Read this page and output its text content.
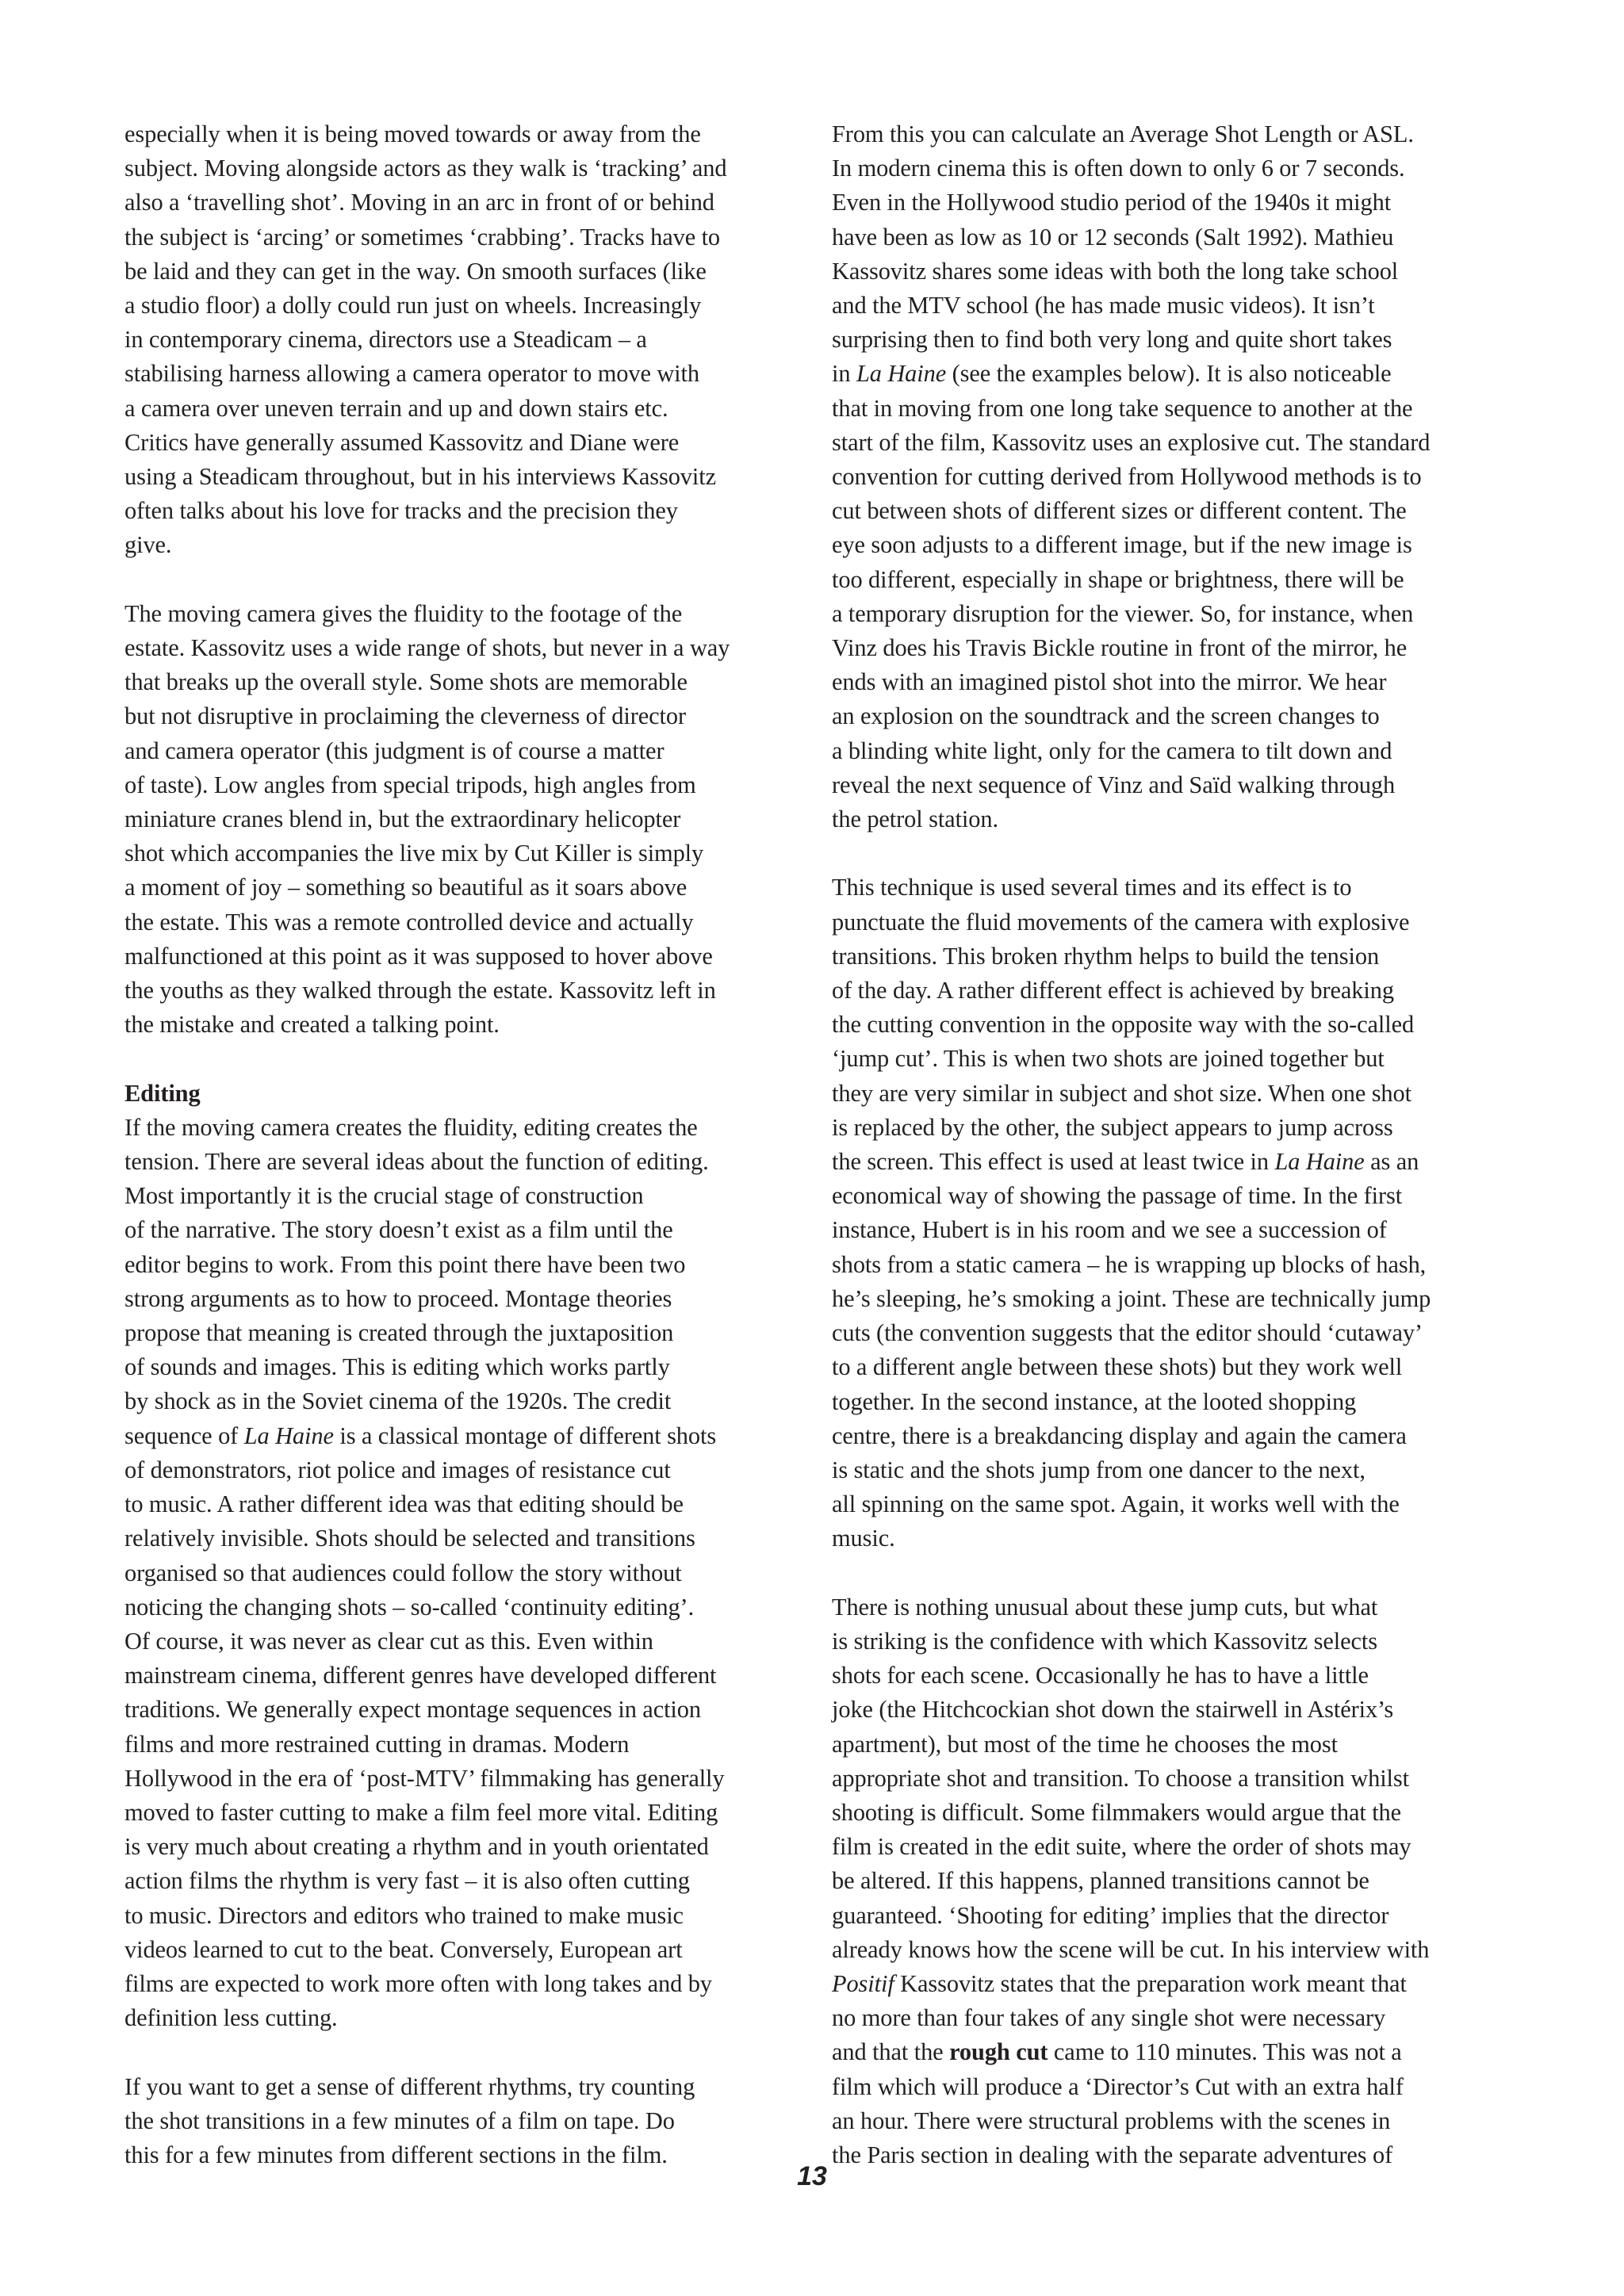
especially when it is being moved towards or away from the
subject. Moving alongside actors as they walk is ‘tracking’ and
also a ‘travelling shot’. Moving in an arc in front of or behind
the subject is ‘arcing’ or sometimes ‘crabbing’. Tracks have to
be laid and they can get in the way. On smooth surfaces (like
a studio floor) a dolly could run just on wheels. Increasingly
in contemporary cinema, directors use a Steadicam – a
stabilising harness allowing a camera operator to move with
a camera over uneven terrain and up and down stairs etc.
Critics have generally assumed Kassovitz and Diane were
using a Steadicam throughout, but in his interviews Kassovitz
often talks about his love for tracks and the precision they
give.
The moving camera gives the fluidity to the footage of the
estate. Kassovitz uses a wide range of shots, but never in a way
that breaks up the overall style. Some shots are memorable
but not disruptive in proclaiming the cleverness of director
and camera operator (this judgment is of course a matter
of taste). Low angles from special tripods, high angles from
miniature cranes blend in, but the extraordinary helicopter
shot which accompanies the live mix by Cut Killer is simply
a moment of joy – something so beautiful as it soars above
the estate. This was a remote controlled device and actually
malfunctioned at this point as it was supposed to hover above
the youths as they walked through the estate. Kassovitz left in
the mistake and created a talking point.
Editing
If the moving camera creates the fluidity, editing creates the
tension. There are several ideas about the function of editing.
Most importantly it is the crucial stage of construction
of the narrative. The story doesn’t exist as a film until the
editor begins to work. From this point there have been two
strong arguments as to how to proceed. Montage theories
propose that meaning is created through the juxtaposition
of sounds and images. This is editing which works partly
by shock as in the Soviet cinema of the 1920s. The credit
sequence of La Haine is a classical montage of different shots
of demonstrators, riot police and images of resistance cut
to music. A rather different idea was that editing should be
relatively invisible. Shots should be selected and transitions
organised so that audiences could follow the story without
noticing the changing shots – so-called ‘continuity editing’.
Of course, it was never as clear cut as this. Even within
mainstream cinema, different genres have developed different
traditions. We generally expect montage sequences in action
films and more restrained cutting in dramas. Modern
Hollywood in the era of ‘post-MTV’ filmmaking has generally
moved to faster cutting to make a film feel more vital. Editing
is very much about creating a rhythm and in youth orientated
action films the rhythm is very fast – it is also often cutting
to music. Directors and editors who trained to make music
videos learned to cut to the beat. Conversely, European art
films are expected to work more often with long takes and by
definition less cutting.
If you want to get a sense of different rhythms, try counting
the shot transitions in a few minutes of a film on tape. Do
this for a few minutes from different sections in the film.
From this you can calculate an Average Shot Length or ASL.
In modern cinema this is often down to only 6 or 7 seconds.
Even in the Hollywood studio period of the 1940s it might
have been as low as 10 or 12 seconds (Salt 1992). Mathieu
Kassovitz shares some ideas with both the long take school
and the MTV school (he has made music videos). It isn’t
surprising then to find both very long and quite short takes
in La Haine (see the examples below). It is also noticeable
that in moving from one long take sequence to another at the
start of the film, Kassovitz uses an explosive cut. The standard
convention for cutting derived from Hollywood methods is to
cut between shots of different sizes or different content. The
eye soon adjusts to a different image, but if the new image is
too different, especially in shape or brightness, there will be
a temporary disruption for the viewer. So, for instance, when
Vinz does his Travis Bickle routine in front of the mirror, he
ends with an imagined pistol shot into the mirror. We hear
an explosion on the soundtrack and the screen changes to
a blinding white light, only for the camera to tilt down and
reveal the next sequence of Vinz and Saïd walking through
the petrol station.
This technique is used several times and its effect is to
punctuate the fluid movements of the camera with explosive
transitions. This broken rhythm helps to build the tension
of the day. A rather different effect is achieved by breaking
the cutting convention in the opposite way with the so-called
‘jump cut’. This is when two shots are joined together but
they are very similar in subject and shot size. When one shot
is replaced by the other, the subject appears to jump across
the screen. This effect is used at least twice in La Haine as an
economical way of showing the passage of time. In the first
instance, Hubert is in his room and we see a succession of
shots from a static camera – he is wrapping up blocks of hash,
he’s sleeping, he’s smoking a joint. These are technically jump
cuts (the convention suggests that the editor should ‘cutaway’
to a different angle between these shots) but they work well
together. In the second instance, at the looted shopping
centre, there is a breakdancing display and again the camera
is static and the shots jump from one dancer to the next,
all spinning on the same spot. Again, it works well with the
music.
There is nothing unusual about these jump cuts, but what
is striking is the confidence with which Kassovitz selects
shots for each scene. Occasionally he has to have a little
joke (the Hitchcockian shot down the stairwell in Astérix’s
apartment), but most of the time he chooses the most
appropriate shot and transition. To choose a transition whilst
shooting is difficult. Some filmmakers would argue that the
film is created in the edit suite, where the order of shots may
be altered. If this happens, planned transitions cannot be
guaranteed. ‘Shooting for editing’ implies that the director
already knows how the scene will be cut. In his interview with
Positif Kassovitz states that the preparation work meant that
no more than four takes of any single shot were necessary
and that the rough cut came to 110 minutes. This was not a
film which will produce a ‘Director’s Cut with an extra half
an hour. There were structural problems with the scenes in
the Paris section in dealing with the separate adventures of
13
